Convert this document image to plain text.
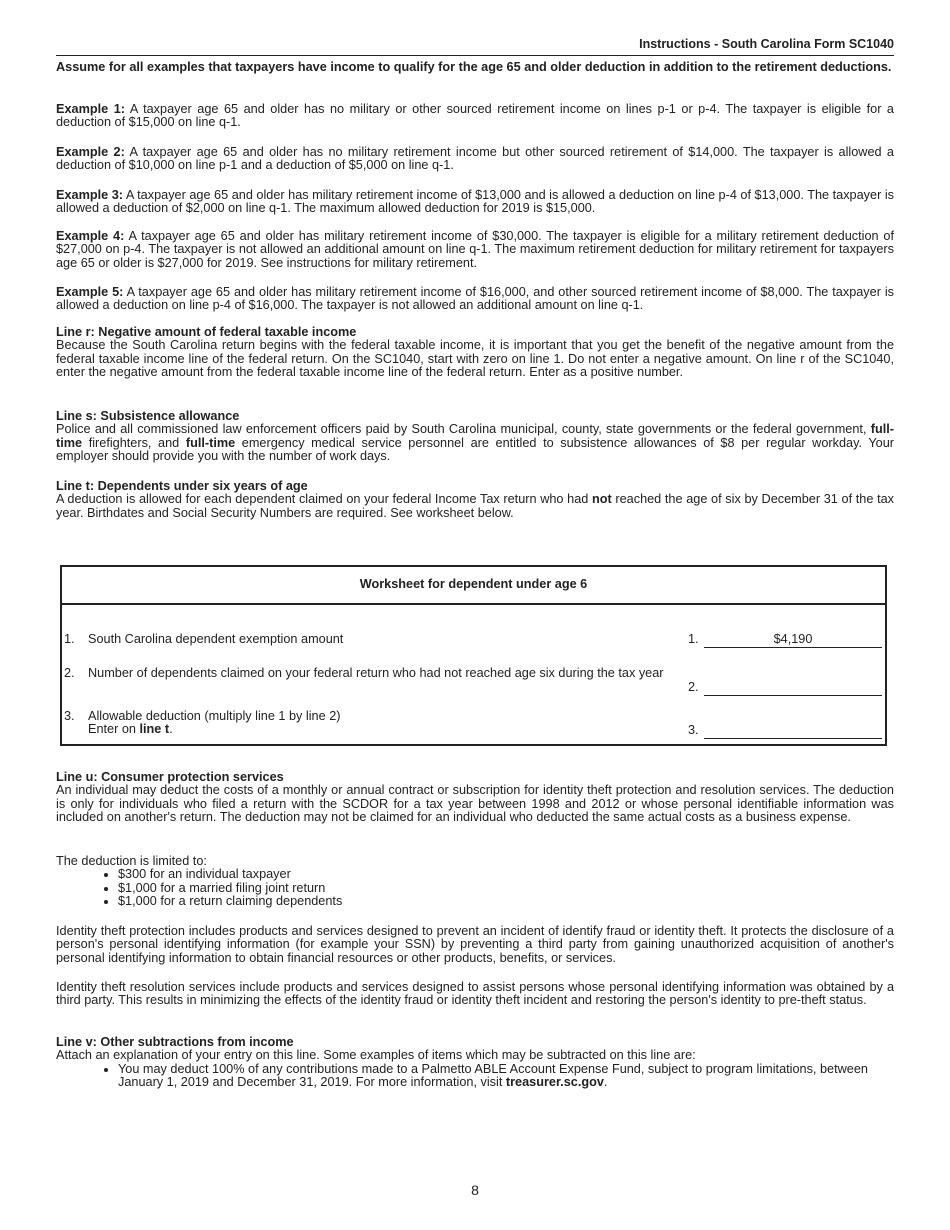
Instructions - South Carolina Form SC1040
Assume for all examples that taxpayers have income to qualify for the age 65 and older deduction in addition to the retirement deductions.
Example 1: A taxpayer age 65 and older has no military or other sourced retirement income on lines p-1 or p-4. The taxpayer is eligible for a deduction of $15,000 on line q-1.
Example 2: A taxpayer age 65 and older has no military retirement income but other sourced retirement of $14,000. The taxpayer is allowed a deduction of $10,000 on line p-1 and a deduction of $5,000 on line q-1.
Example 3: A taxpayer age 65 and older has military retirement income of $13,000 and is allowed a deduction on line p-4 of $13,000. The taxpayer is allowed a deduction of $2,000 on line q-1. The maximum allowed deduction for 2019 is $15,000.
Example 4: A taxpayer age 65 and older has military retirement income of $30,000. The taxpayer is eligible for a military retirement deduction of $27,000 on p-4. The taxpayer is not allowed an additional amount on line q-1. The maximum retirement deduction for military retirement for taxpayers age 65 or older is $27,000 for 2019. See instructions for military retirement.
Example 5: A taxpayer age 65 and older has military retirement income of $16,000, and other sourced retirement income of $8,000. The taxpayer is allowed a deduction on line p-4 of $16,000. The taxpayer is not allowed an additional amount on line q-1.
Line r: Negative amount of federal taxable income
Because the South Carolina return begins with the federal taxable income, it is important that you get the benefit of the negative amount from the federal taxable income line of the federal return. On the SC1040, start with zero on line 1. Do not enter a negative amount. On line r of the SC1040, enter the negative amount from the federal taxable income line of the federal return. Enter as a positive number.
Line s: Subsistence allowance
Police and all commissioned law enforcement officers paid by South Carolina municipal, county, state governments or the federal government, full-time firefighters, and full-time emergency medical service personnel are entitled to subsistence allowances of $8 per regular workday. Your employer should provide you with the number of work days.
Line t: Dependents under six years of age
A deduction is allowed for each dependent claimed on your federal Income Tax return who had not reached the age of six by December 31 of the tax year. Birthdates and Social Security Numbers are required. See worksheet below.
Worksheet for dependent under age 6
1. South Carolina dependent exemption amount	1.	$4,190
2. Number of dependents claimed on your federal return who had not reached age six during the tax year
2.
3. Allowable deduction (multiply line 1 by line 2)
Enter on line t.	3.
Line u: Consumer protection services
An individual may deduct the costs of a monthly or annual contract or subscription for identity theft protection and resolution services. The deduction is only for individuals who filed a return with the SCDOR for a tax year between 1998 and 2012 or whose personal identifiable information was included on another's return. The deduction may not be claimed for an individual who deducted the same actual costs as a business expense.
The deduction is limited to:
• $300 for an individual taxpayer
• $1,000 for a married filing joint return
• $1,000 for a return claiming dependents
Identity theft protection includes products and services designed to prevent an incident of identify fraud or identity theft. It protects the disclosure of a person's personal identifying information (for example your SSN) by preventing a third party from gaining unauthorized acquisition of another's personal identifying information to obtain financial resources or other products, benefits, or services.
Identity theft resolution services include products and services designed to assist persons whose personal identifying information was obtained by a third party. This results in minimizing the effects of the identity fraud or identity theft incident and restoring the person's identity to pre-theft status.
Line v: Other subtractions from income
Attach an explanation of your entry on this line. Some examples of items which may be subtracted on this line are:
• You may deduct 100% of any contributions made to a Palmetto ABLE Account Expense Fund, subject to program limitations, between January 1, 2019 and December 31, 2019. For more information, visit treasurer.sc.gov.
8
